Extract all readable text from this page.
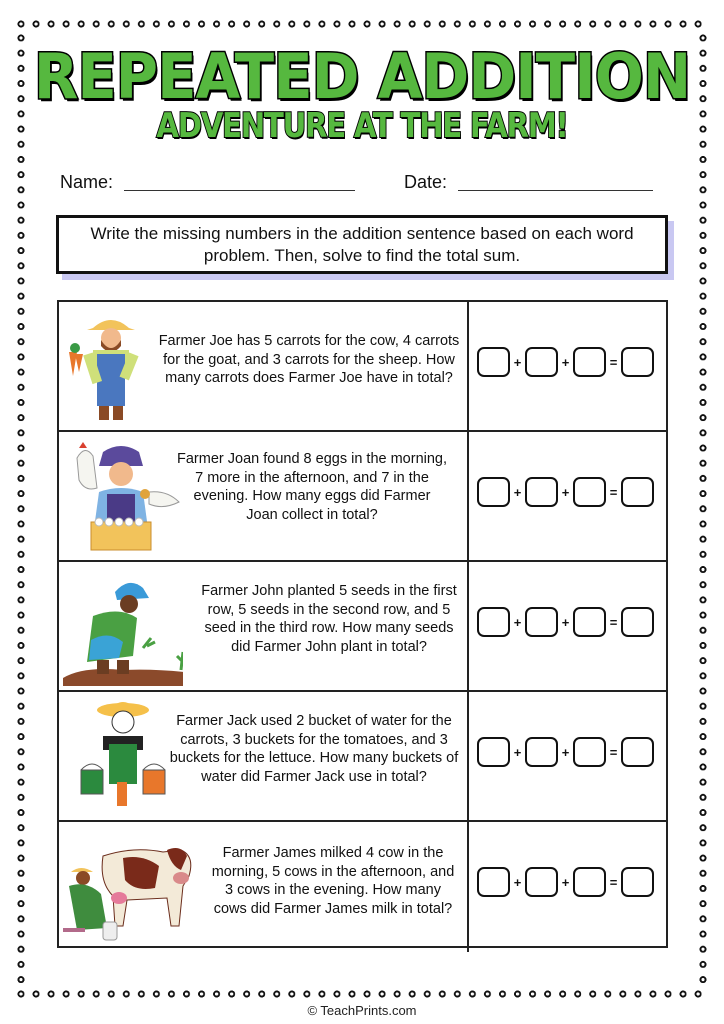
REPEATED ADDITION
ADVENTURE AT THE FARM!
Name:	Date:
Write the missing numbers in the addition sentence based on each word problem. Then, solve to find the total sum.
Farmer Joe has 5 carrots for the cow, 4 carrots for the goat, and 3 carrots for the sheep. How many carrots does Farmer Joe have in total?
+	+	=
Farmer Joan found 8 eggs in the morning, 7 more in the afternoon, and 7 in the evening. How many eggs did Farmer Joan collect in total?
+	+	=
Farmer John planted 5 seeds in the first row, 5 seeds in the second row, and 5 seed in the third row. How many seeds did Farmer John plant in total?
+	+	=
Farmer Jack used 2 bucket of water for the carrots, 3 buckets for the tomatoes, and 3 buckets for the lettuce. How many buckets of water did Farmer Jack use in total?
+	+	=
Farmer James milked 4 cow in the morning, 5 cows in the afternoon, and 3 cows in the evening. How many cows did Farmer James milk in total?
+	+	=
© TeachPrints.com
